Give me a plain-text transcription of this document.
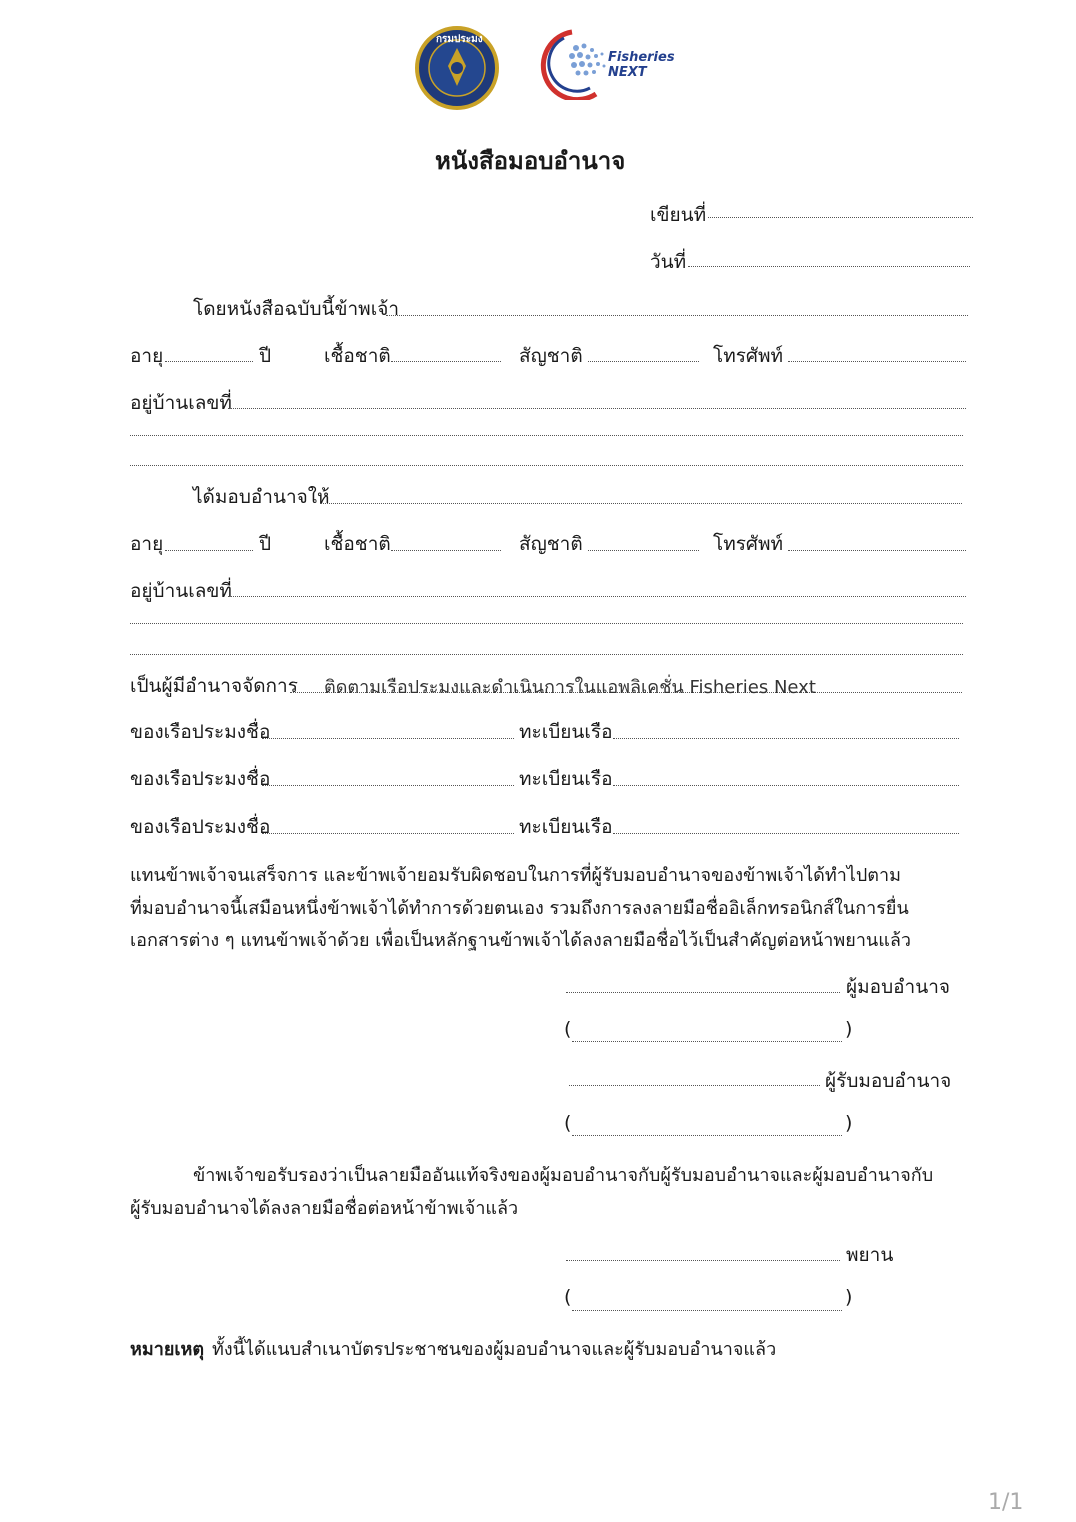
กรมประมง
Fisheries NEXT
หนังสือมอบอำนาจ
เขียนที่
วันที่
โดยหนังสือฉบับนี้ข้าพเจ้า
อายุ	ปี	เชื้อชาติ	สัญชาติ	โทรศัพท์
อยู่บ้านเลขที่
ได้มอบอำนาจให้
อายุ	ปี	เชื้อชาติ	สัญชาติ	โทรศัพท์
อยู่บ้านเลขที่
เป็นผู้มีอำนาจจัดการ ติดตามเรือประมงและดำเนินการในแอพลิเคชั่น Fisheries Next
ของเรือประมงชื่อ	ทะเบียนเรือ
ของเรือประมงชื่อ	ทะเบียนเรือ
ของเรือประมงชื่อ	ทะเบียนเรือ
แทนข้าพเจ้าจนเสร็จการ และข้าพเจ้ายอมรับผิดชอบในการที่ผู้รับมอบอำนาจของข้าพเจ้าได้ทำไปตาม
ที่มอบอำนาจนี้เสมือนหนึ่งข้าพเจ้าได้ทำการด้วยตนเอง รวมถึงการลงลายมือชื่ออิเล็กทรอนิกส์ในการยื่น
เอกสารต่าง ๆ แทนข้าพเจ้าด้วย เพื่อเป็นหลักฐานข้าพเจ้าได้ลงลายมือชื่อไว้เป็นสำคัญต่อหน้าพยานแล้ว
ผู้มอบอำนาจ
(	)
ผู้รับมอบอำนาจ
(	)
ข้าพเจ้าขอรับรองว่าเป็นลายมืออันแท้จริงของผู้มอบอำนาจกับผู้รับมอบอำนาจและผู้มอบอำนาจกับ
ผู้รับมอบอำนาจได้ลงลายมือชื่อต่อหน้าข้าพเจ้าแล้ว
พยาน
(	)
หมายเหตุ ทั้งนี้ได้แนบสำเนาบัตรประชาชนของผู้มอบอำนาจและผู้รับมอบอำนาจแล้ว
1/1
